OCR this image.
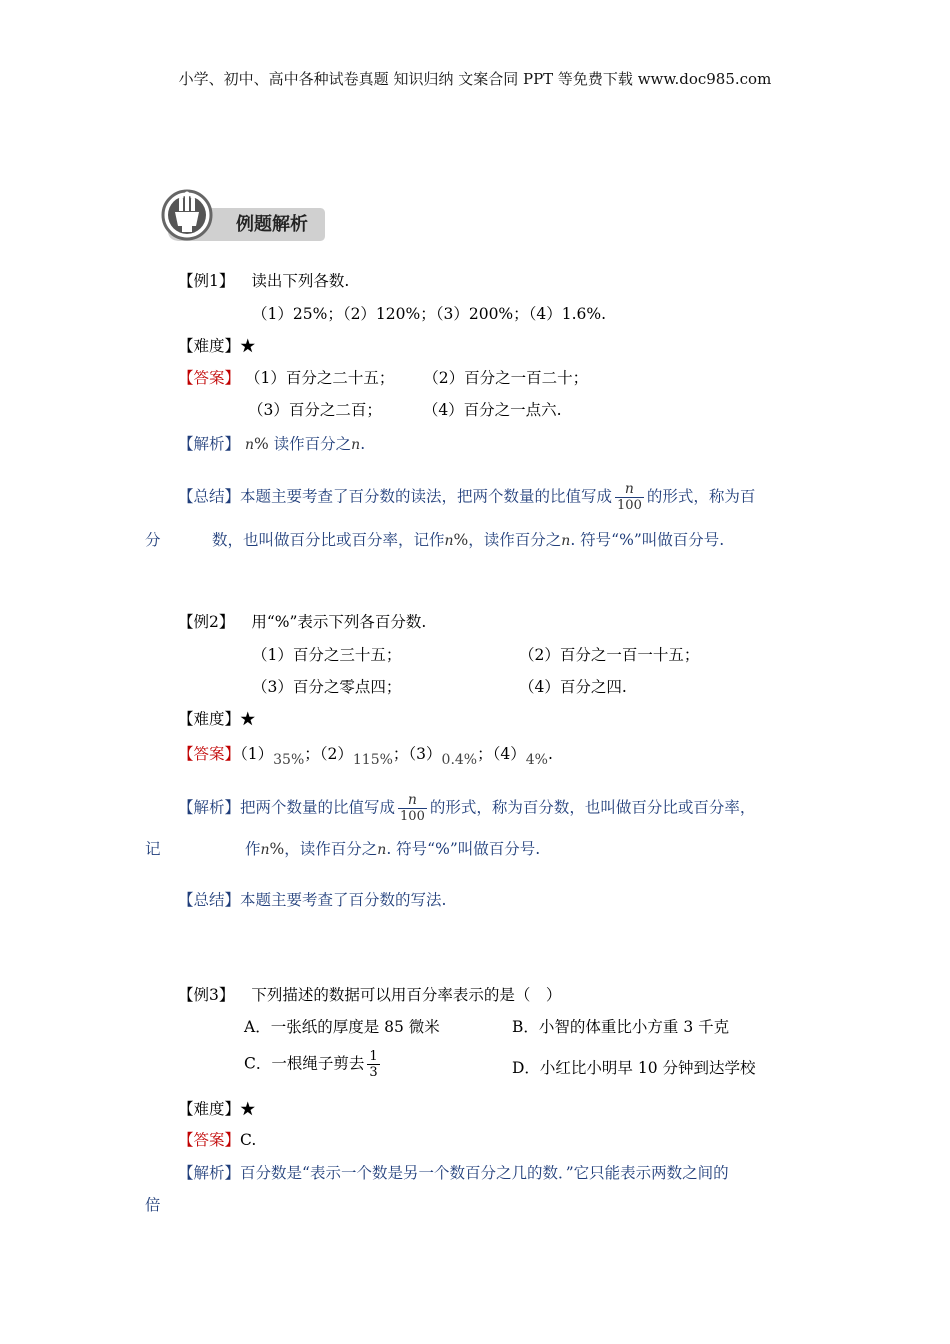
小学、初中、高中各种试卷真题 知识归纳 文案合同 PPT 等免费下载 www.doc985.com
例题解析
【例1】 读出下列各数.
（1）25%；（2）120%；（3）200%；（4）1.6%.
【难度】★
【答案】 （1）百分之二十五； （2）百分之一百二十；
（3）百分之二百；	（4）百分之一点六.
【解析】 n% 读作百分之n.
【总结】本题主要考查了百分数的读法，把两个数量的比值写成 $\frac{n}{100}$ 的形式，称为百
分	数，也叫做百分比或百分率，记作n%，读作百分之n. 符号“%”叫做百分号.
【例2】 用“%”表示下列各百分数.
（1）百分之三十五；	（2）百分之一百一十五；
（3）百分之零点四；	（4）百分之四.
【难度】★
【答案】（1）35%；（2）115%；（3）0.4%；（4）4%.
【解析】把两个数量的比值写成 $\frac{n}{100}$ 的形式，称为百分数，也叫做百分比或百分率，
记	作n%，读作百分之n. 符号“%”叫做百分号.
【总结】本题主要考查了百分数的写法.
【例3】 下列描述的数据可以用百分率表示的是（　）
A．一张纸的厚度是 85 微米	B．小智的体重比小方重 3 千克
C．一根绳子剪去 $\frac{1}{3}$	D．小红比小明早 10 分钟到达学校
【难度】★
【答案】C.
【解析】百分数是“表示一个数是另一个数百分之几的数．”它只能表示两数之间的
倍
